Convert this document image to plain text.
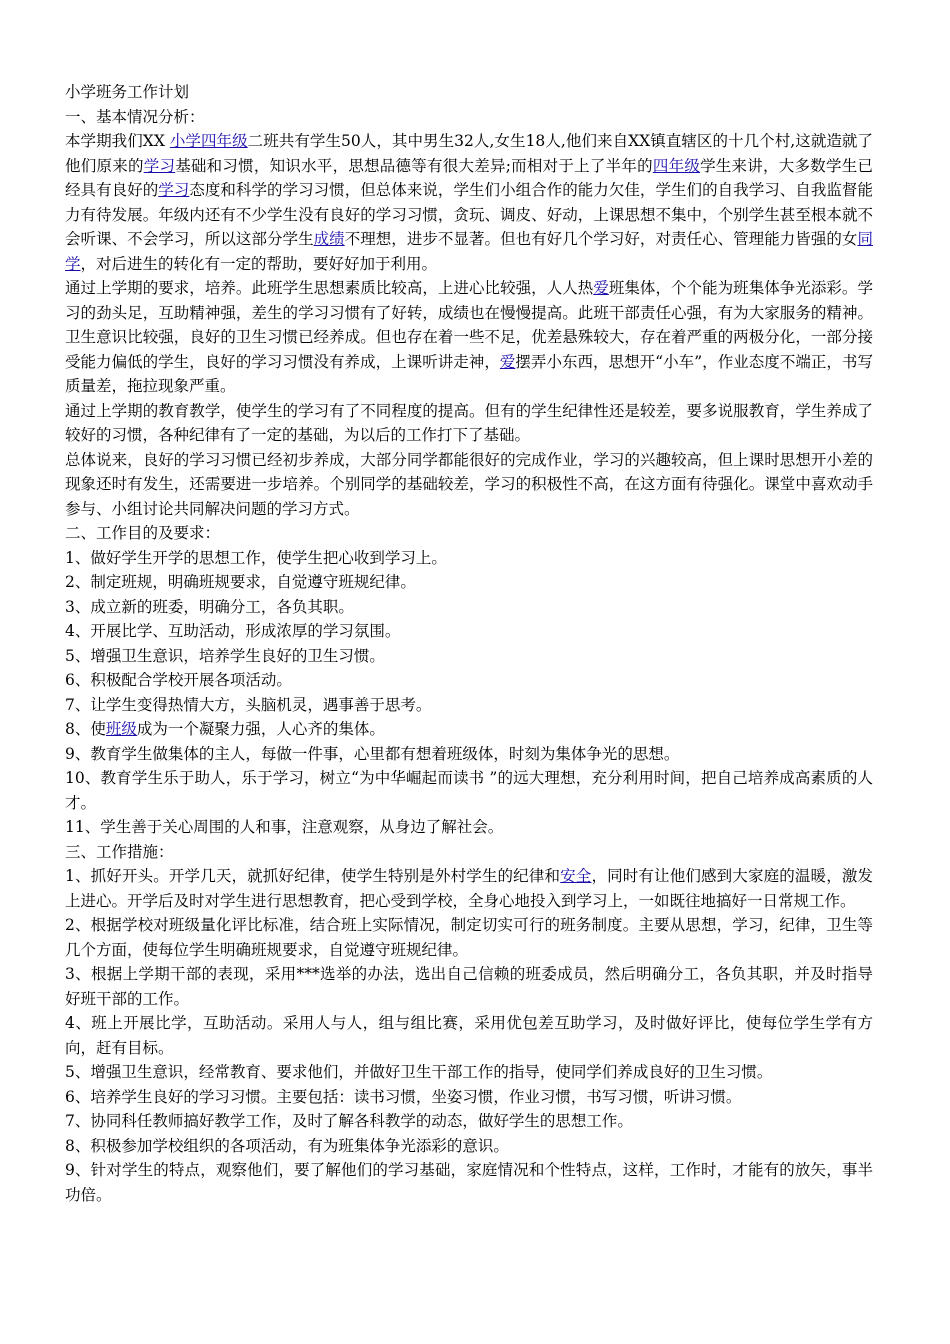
小学班务工作计划

一、基本情况分析：

本学期我们XX 小学四年级二班共有学生50人，其中男生32人,女生18人,他们来自XX镇直辖区的十几个村,这就造就了他们原来的学习基础和习惯，知识水平，思想品德等有很大差异;而相对于上了半年的四年级学生来讲，大多数学生已经具有良好的学习态度和科学的学习习惯，但总体来说，学生们小组合作的能力欠佳，学生们的自我学习、自我监督能力有待发展。年级内还有不少学生没有良好的学习习惯，贪玩、调皮、好动，上课思想不集中，个别学生甚至根本就不会听课、不会学习，所以这部分学生成绩不理想，进步不显著。但也有好几个学习好，对责任心、管理能力皆强的女同学，对后进生的转化有一定的帮助，要好好加于利用。

通过上学期的要求，培养。此班学生思想素质比较高，上进心比较强，人人热爱班集体，个个能为班集体争光添彩。学习的劲头足，互助精神强，差生的学习习惯有了好转，成绩也在慢慢提高。此班干部责任心强，有为大家服务的精神。卫生意识比较强，良好的卫生习惯已经养成。但也存在着一些不足，优差悬殊较大，存在着严重的两极分化，一部分接受能力偏低的学生，良好的学习习惯没有养成，上课听讲走神，爱摆弄小东西，思想开“小车”，作业态度不端正，书写质量差，拖拉现象严重。

通过上学期的教育教学，使学生的学习有了不同程度的提高。但有的学生纪律性还是较差，要多说服教育，学生养成了较好的习惯，各种纪律有了一定的基础，为以后的工作打下了基础。

总体说来，良好的学习习惯已经初步养成，大部分同学都能很好的完成作业，学习的兴趣较高，但上课时思想开小差的现象还时有发生，还需要进一步培养。个别同学的基础较差，学习的积极性不高，在这方面有待强化。课堂中喜欢动手参与、小组讨论共同解决问题的学习方式。

二、工作目的及要求：

1、做好学生开学的思想工作，使学生把心收到学习上。

2、制定班规，明确班规要求，自觉遵守班规纪律。

3、成立新的班委，明确分工，各负其职。

4、开展比学、互助活动，形成浓厚的学习氛围。

5、增强卫生意识，培养学生良好的卫生习惯。

6、积极配合学校开展各项活动。

7、让学生变得热情大方，头脑机灵，遇事善于思考。

8、使班级成为一个凝聚力强，人心齐的集体。

9、教育学生做集体的主人，每做一件事，心里都有想着班级体，时刻为集体争光的思想。

10、教育学生乐于助人，乐于学习，树立“为中华崛起而读书 ”的远大理想，充分利用时间，把自己培养成高素质的人才。

11、学生善于关心周围的人和事，注意观察，从身边了解社会。

三、工作措施：

1、抓好开头。开学几天，就抓好纪律，使学生特别是外村学生的纪律和安全，同时有让他们感到大家庭的温暖，激发上进心。开学后及时对学生进行思想教育，把心受到学校，全身心地投入到学习上，一如既往地搞好一日常规工作。

2、根据学校对班级量化评比标准，结合班上实际情况，制定切实可行的班务制度。主要从思想，学习，纪律，卫生等几个方面，使每位学生明确班规要求，自觉遵守班规纪律。

3、根据上学期干部的表现，采用***选举的办法，选出自己信赖的班委成员，然后明确分工，各负其职，并及时指导好班干部的工作。

4、班上开展比学，互助活动。采用人与人，组与组比赛，采用优包差互助学习，及时做好评比，使每位学生学有方向，赶有目标。

5、增强卫生意识，经常教育、要求他们，并做好卫生干部工作的指导，使同学们养成良好的卫生习惯。

6、培养学生良好的学习习惯。主要包括：读书习惯，坐姿习惯，作业习惯，书写习惯，听讲习惯。

7、协同科任教师搞好教学工作，及时了解各科教学的动态，做好学生的思想工作。

8、积极参加学校组织的各项活动，有为班集体争光添彩的意识。

9、针对学生的特点，观察他们，要了解他们的学习基础，家庭情况和个性特点，这样，工作时，才能有的放矢，事半功倍。
